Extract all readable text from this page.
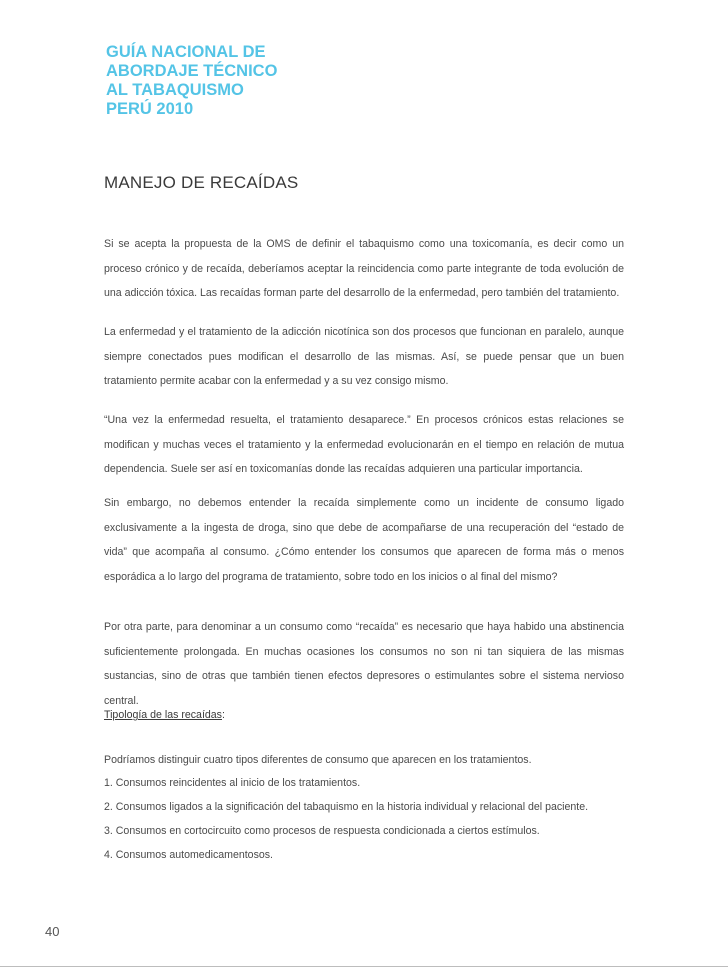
GUÍA NACIONAL DE
ABORDAJE TÉCNICO
AL TABAQUISMO
PERÚ 2010
MANEJO DE RECAÍDAS

Si se acepta la propuesta de la OMS de definir el tabaquismo como una toxicomanía, es decir como un proceso crónico y de recaída, deberíamos aceptar la reincidencia como parte integrante de toda evolución de una adicción tóxica. Las recaídas forman parte del desarrollo de la enfermedad, pero también del tratamiento.

La enfermedad y el tratamiento de la adicción nicotínica son dos procesos que funcionan en paralelo, aunque siempre conectados pues modifican el desarrollo de las mismas. Así, se puede pensar que un buen tratamiento permite acabar con la enfermedad y a su vez consigo mismo.

“Una vez la enfermedad resuelta, el tratamiento desaparece.” En procesos crónicos estas relaciones se modifican y muchas veces el tratamiento y la enfermedad evolucionarán en el tiempo en relación de mutua dependencia. Suele ser así en toxicomanías donde las recaídas adquieren una particular importancia.

Sin embargo, no debemos entender la recaída simplemente como un incidente de consumo ligado exclusivamente a la ingesta de droga, sino que debe de acompañarse de una recuperación del “estado de vida” que acompaña al consumo. ¿Cómo entender los consumos que aparecen de forma más o menos esporádica a lo largo del programa de tratamiento, sobre todo en los inicios o al final del mismo?

Por otra parte, para denominar a un consumo como “recaída” es necesario que haya habido una abstinencia suficientemente prolongada. En muchas ocasiones los consumos no son ni tan siquiera de las mismas sustancias, sino de otras que también tienen efectos depresores o estimulantes sobre el sistema nervioso central.

Tipología de las recaídas:

Podríamos distinguir cuatro tipos diferentes de consumo que aparecen en los tratamientos.

1. Consumos reincidentes al inicio de los tratamientos.
2. Consumos ligados a la significación del tabaquismo en la historia individual y relacional del paciente.
3. Consumos en cortocircuito como procesos de respuesta condicionada a ciertos estímulos.
4. Consumos automedicamentosos.
40
